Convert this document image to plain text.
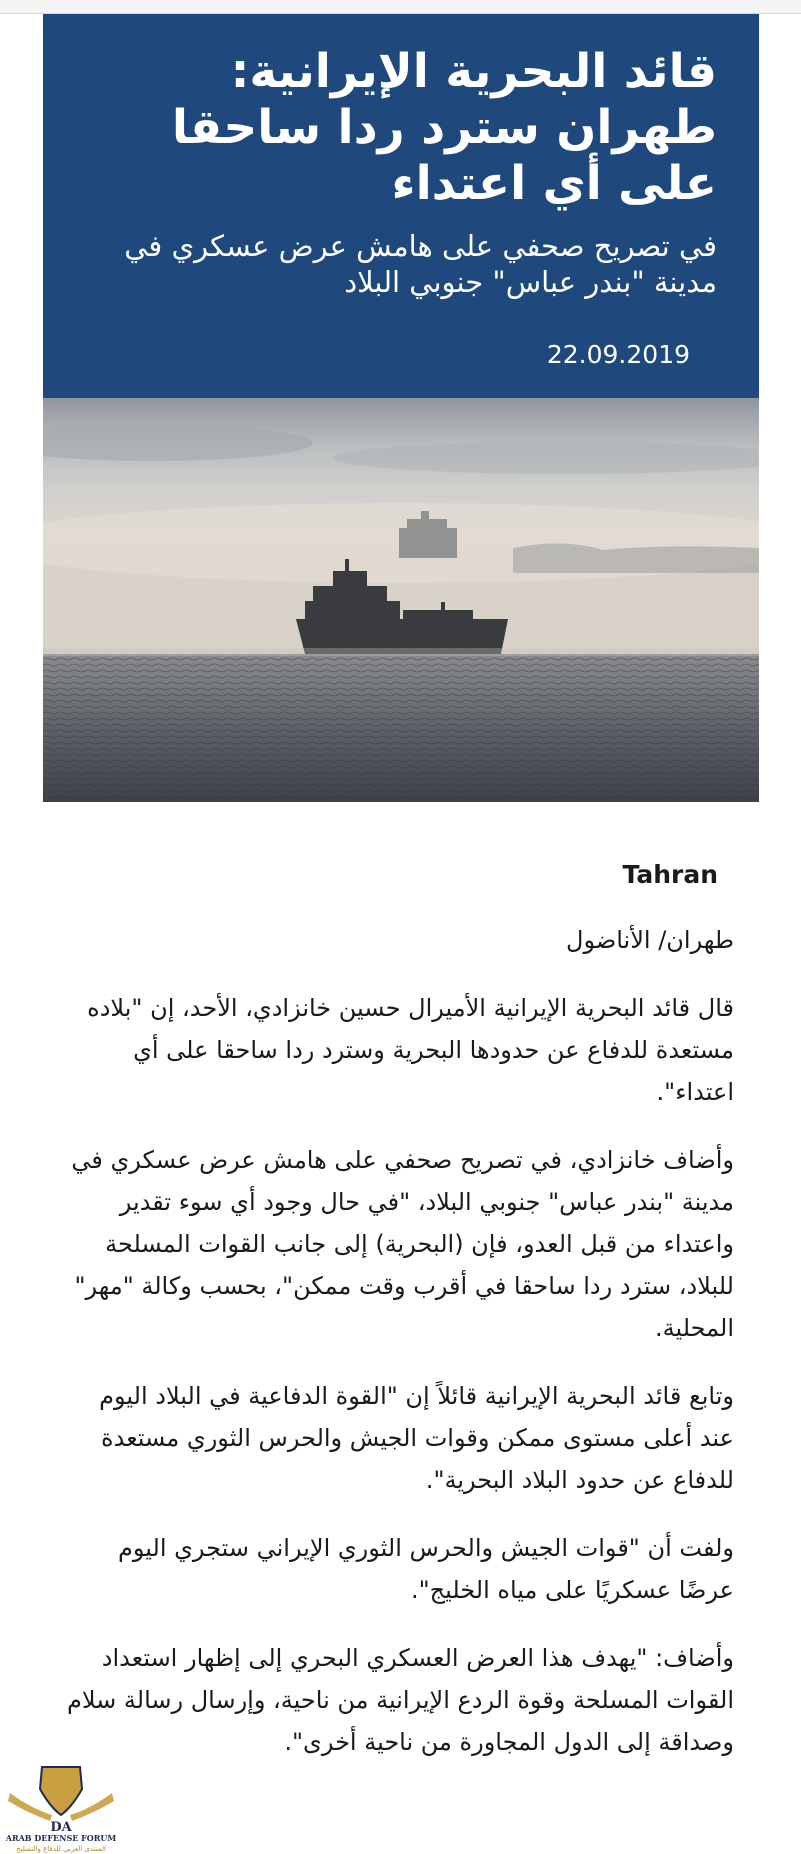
قائد البحرية الإيرانية: طهران سترد ردا ساحقا على أي اعتداء
في تصريح صحفي على هامش عرض عسكري في مدينة "بندر عباس" جنوبي البلاد
22.09.2019
Tahran

طهران/ الأناضول

قال قائد البحرية الإيرانية الأميرال حسين خانزادي، الأحد، إن "بلاده مستعدة للدفاع عن حدودها البحرية وسترد ردا ساحقا على أي اعتداء".

وأضاف خانزادي، في تصريح صحفي على هامش عرض عسكري في مدينة "بندر عباس" جنوبي البلاد، "في حال وجود أي سوء تقدير واعتداء من قبل العدو، فإن (البحرية) إلى جانب القوات المسلحة للبلاد، سترد ردا ساحقا في أقرب وقت ممكن"، بحسب وكالة "مهر" المحلية.

وتابع قائد البحرية الإيرانية قائلاً إن "القوة الدفاعية في البلاد اليوم عند أعلى مستوى ممكن وقوات الجيش والحرس الثوري مستعدة للدفاع عن حدود البلاد البحرية".

ولفت أن "قوات الجيش والحرس الثوري الإيراني ستجري اليوم عرضًا عسكريًا على مياه الخليج".

وأضاف: "يهدف هذا العرض العسكري البحري إلى إظهار استعداد القوات المسلحة وقوة الردع الإيرانية من ناحية، وإرسال رسالة سلام وصداقة إلى الدول المجاورة من ناحية أخرى".

DA
ARAB DEFENSE FORUM
المنتدى العربي للدفاع والتسليح
